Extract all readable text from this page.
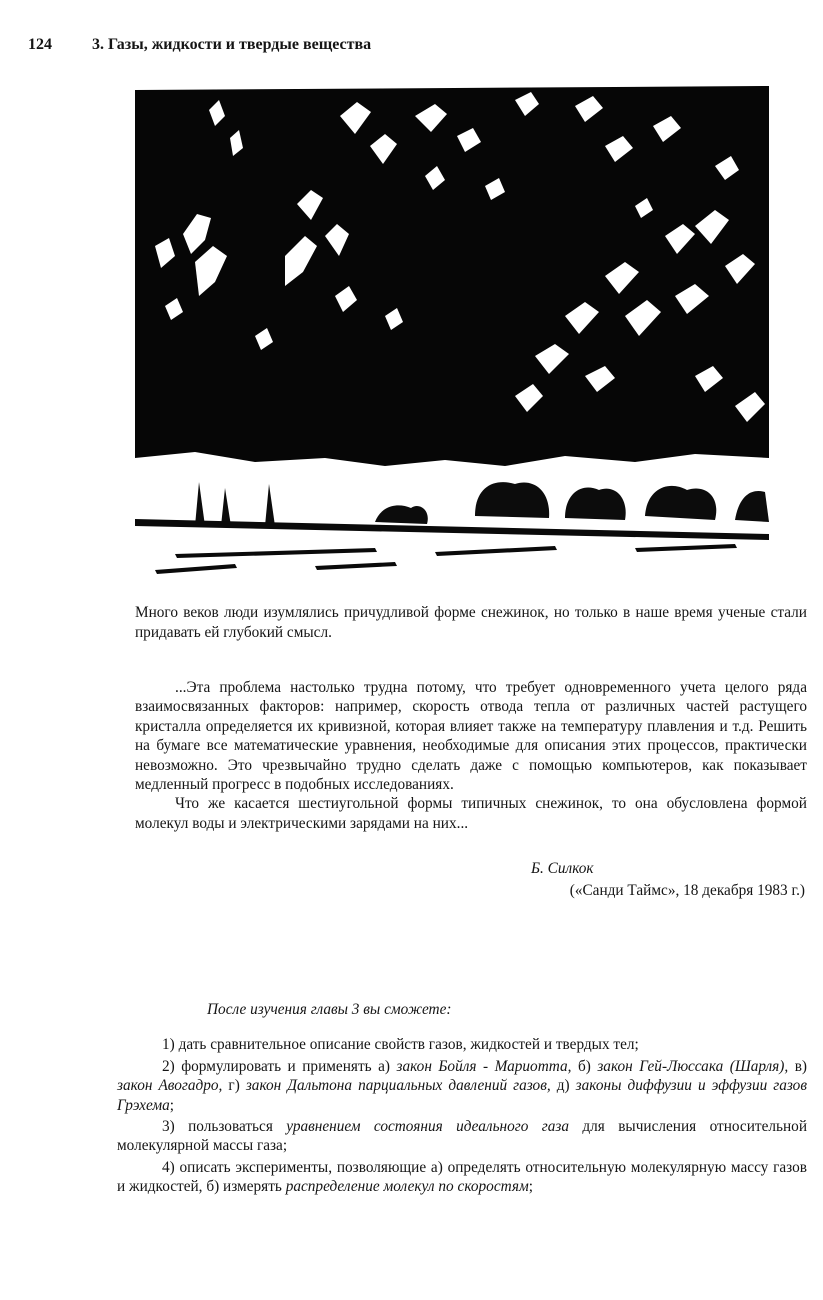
124	3. Газы, жидкости и твердые вещества
Много веков люди изумлялись причудливой форме снежинок, но только в наше время ученые стали придавать ей глубокий смысл.

...Эта проблема настолько трудна потому, что требует одновременного учета целого ряда взаимосвязанных факторов: например, скорость отвода тепла от различных частей растущего кристалла определяется их кривизной, которая влияет также на температуру плавления и т.д. Решить на бумаге все математические уравнения, необходимые для описания этих процессов, практически невозможно. Это чрезвычайно трудно сделать даже с помощью компьютеров, как показывает медленный прогресс в подобных исследованиях.

Что же касается шестиугольной формы типичных снежинок, то она обусловлена формой молекул воды и электрическими зарядами на них...

Б. Силкок
(«Санди Таймс», 18 декабря 1983 г.)

После изучения главы 3 вы сможете:

1) дать сравнительное описание свойств газов, жидкостей и твердых тел;

2) формулировать и применять а) закон Бойля - Мариотта, б) закон Гей-Люссака (Шарля), в) закон Авогадро, г) закон Дальтона парциальных давлений газов, д) законы диффузии и эффузии газов Грэхема;

3) пользоваться уравнением состояния идеального газа для вычисления относительной молекулярной массы газа;

4) описать эксперименты, позволяющие а) определять относительную молекулярную массу газов и жидкостей, б) измерять распределение молекул по скоростям;
